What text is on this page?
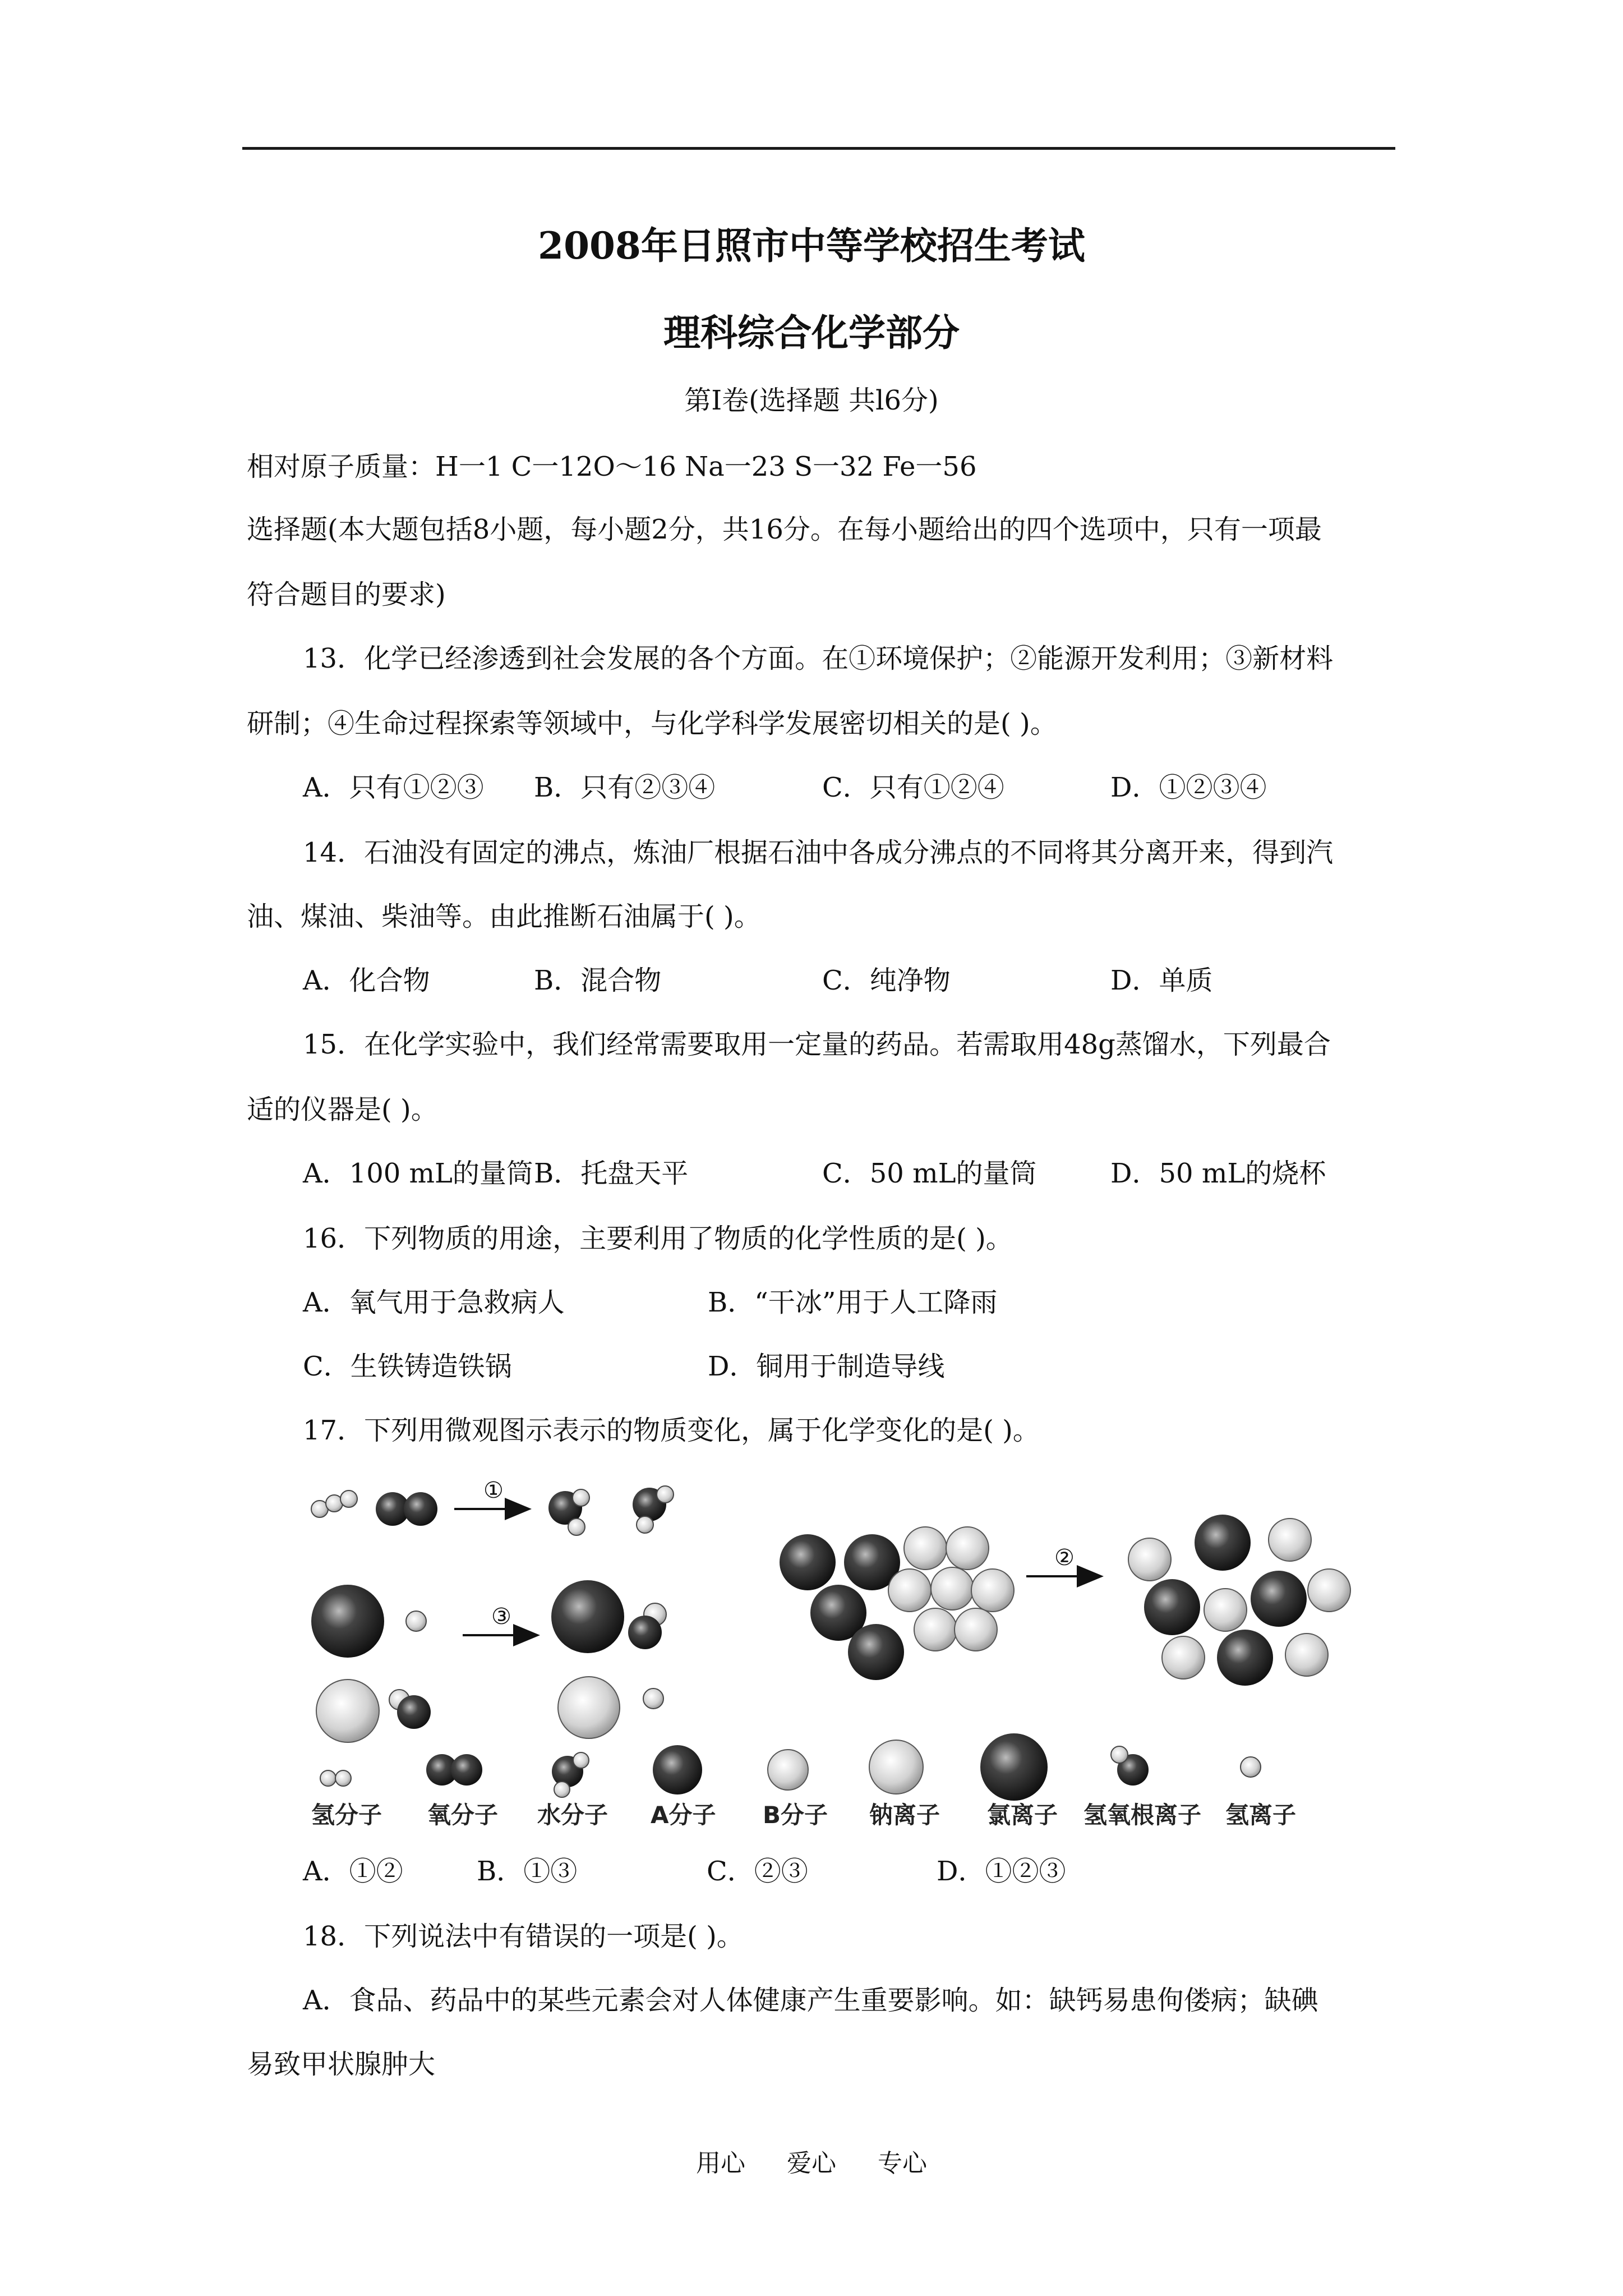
2008年日照市中等学校招生考试
理科综合化学部分
第Ⅰ卷(选择题 共l6分)
相对原子质量：H一1 C一12O～16 Na一23 S一32 Fe一56
选择题(本大题包括8小题，每小题2分，共16分。在每小题给出的四个选项中，只有一项最
符合题目的要求)
13．化学已经渗透到社会发展的各个方面。在①环境保护；②能源开发利用；③新材料
研制；④生命过程探索等领域中，与化学科学发展密切相关的是( )。
A．只有①②③ B．只有②③④	C．只有①②④	D．①②③④
14．石油没有固定的沸点，炼油厂根据石油中各成分沸点的不同将其分离开来，得到汽
油、煤油、柴油等。由此推断石油属于( )。
A．化合物	B．混合物	C．纯净物	D．单质
15．在化学实验中，我们经常需要取用一定量的药品。若需取用48g蒸馏水，下列最合
适的仪器是( )。
A．100 mL的量筒 B．托盘天平	C．50 mL的量筒	D．50 mL的烧杯
16．下列物质的用途，主要利用了物质的化学性质的是( )。
A．氧气用于急救病人	B．“干冰”用于人工降雨
C．生铁铸造铁锅	D．铜用于制造导线
17．下列用微观图示表示的物质变化，属于化学变化的是( )。
①
③
②
氢分子 氧分子 水分子 A分子 B分子 钠离子 氯离子 氢氧根离子 氢离子
A．①②	B．①③	C．②③	D．①②③
18．下列说法中有错误的一项是( )。
A．食品、药品中的某些元素会对人体健康产生重要影响。如：缺钙易患佝偻病；缺碘
易致甲状腺肿大
用心 爱心 专心
